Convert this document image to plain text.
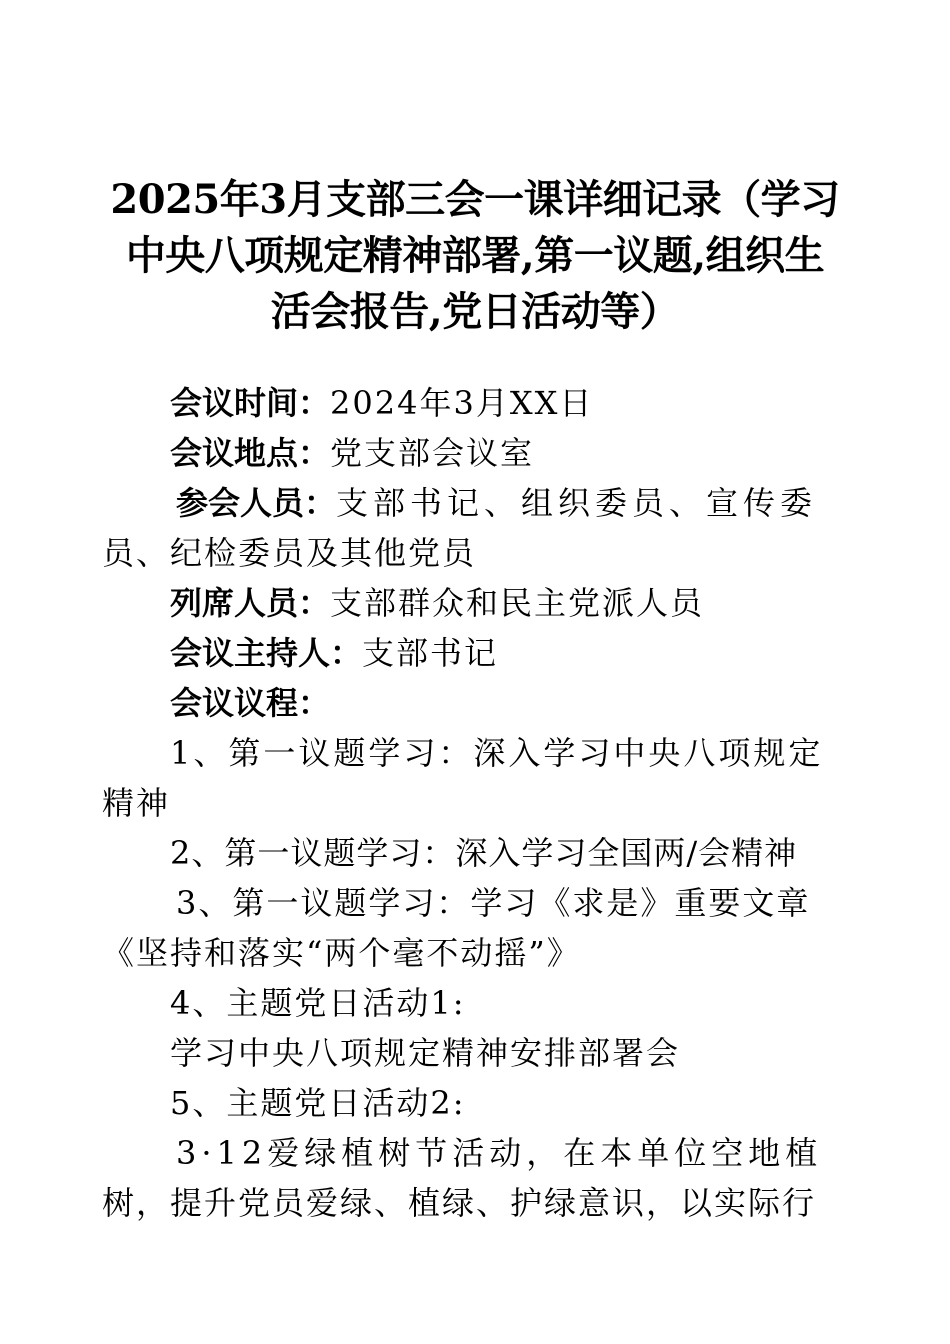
2025年3月支部三会一课详细记录（学习
中央八项规定精神部署,第一议题,组织生
活会报告,党日活动等）
会议时间：2024年3月XX日
会议地点：党支部会议室
参会人员：支部书记、组织委员、宣传委
员、纪检委员及其他党员
列席人员：支部群众和民主党派人员
会议主持人：支部书记
会议议程：
1、第一议题学习：深入学习中央八项规定
精神
2、第一议题学习：深入学习全国两/会精神
3、第一议题学习：学习《求是》重要文章
《坚持和落实“两个毫不动摇”》
4、主题党日活动1:
学习中央八项规定精神安排部署会
5、主题党日活动2:
3·12爱绿植树节活动，在本单位空地植
树，提升党员爱绿、植绿、护绿意识，以实际行
